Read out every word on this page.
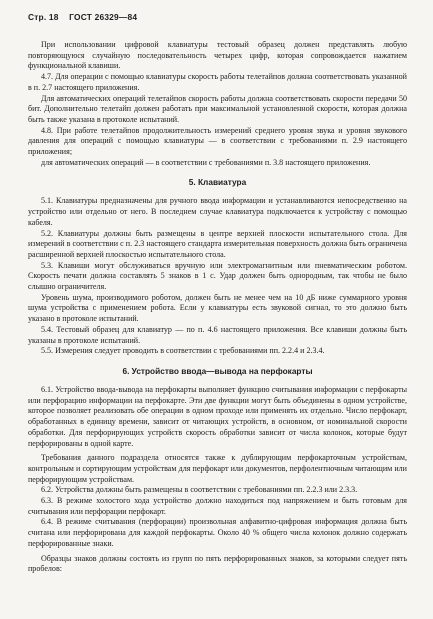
Стр. 18 ГОСТ 26329—84

При использовании цифровой клавиатуры тестовый образец должен представлять любую повторяющуюся случайную последовательность четырех цифр, которая сопровождается нажатием функциональной клавиши.

4.7. Для операции с помощью клавиатуры скорость работы телетайпов должна соответствовать указанной в п. 2.7 настоящего приложения.

Для автоматических операций телетайпов скорость работы должна соответствовать скорости передачи 50 бит. Дополнительно телетайп должен работать при максимальной установленной скорости, которая должна быть также указана в протоколе испытаний.

4.8. При работе телетайпов продолжительность измерений среднего уровня звука и уровня звукового давления для операций с помощью клавиатуры — в соответствии с требованиями п. 2.9 настоящего приложения;

для автоматических операций — в соответствии с требованиями п. 3.8 настоящего приложения.

5. Клавиатура

5.1. Клавиатуры предназначены для ручного ввода информации и устанавливаются непосредственно на устройство или отдельно от него. В последнем случае клавиатура подключается к устройству с помощью кабеля.

5.2. Клавиатуры должны быть размещены в центре верхней плоскости испытательного стола. Для измерений в соответствии с п. 2.3 настоящего стандарта измерительная поверхность должна быть ограничена расширенной верхней плоскостью испытательного стола.

5.3. Клавиши могут обслуживаться вручную или электромагнитным или пневматическим роботом. Скорость печати должна составлять 5 знаков в 1 с. Удар должен быть однородным, так чтобы не было слышно ограничителя.

Уровень шума, производимого роботом, должен быть не менее чем на 10 дБ ниже суммарного уровня шума устройства с применением робота. Если у клавиатуры есть звуковой сигнал, то это должно быть указано в протоколе испытаний.

5.4. Тестовый образец для клавиатур — по п. 4.6 настоящего приложения. Все клавиши должны быть указаны в протоколе испытаний.

5.5. Измерения следует проводить в соответствии с требованиями пп. 2.2.4 и 2.3.4.

6. Устройство ввода—вывода на перфокарты

6.1. Устройство ввода-вывода на перфокарты выполняет функцию считывания информации с перфокарты или перфорацию информации на перфокарте. Эти две функции могут быть объединены в одном устройстве, которое позволяет реализовать обе операции в одном проходе или применять их отдельно. Число перфокарт, обработанных в единицу времени, зависит от читающих устройств, в основном, от номинальной скорости обработки. Для перфорирующих устройств скорость обработки зависит от числа колонок, которые будут перфорированы в одной карте.

Требования данного подраздела относятся также к дублирующим перфокарточным устройствам, контрольным и сортирующим устройствам для перфокарт или документов, перфолентночным читающим или перфорирующим устройствам.

6.2. Устройства должны быть размещены в соответствии с требованиями пп. 2.2.3 или 2.3.3.

6.3. В режиме холостого хода устройство должно находиться под напряжением и быть готовым для считывания или перфорации перфокарт.

6.4. В режиме считывания (перфорации) произвольная алфавитно-цифровая информация должна быть считана или перфорирована для каждой перфокарты. Около 40 % общего числа колонок должно содержать перфорированные знаки.

Образцы знаков должны состоять из групп по пять перфорированных знаков, за которыми следует пять пробелов:
